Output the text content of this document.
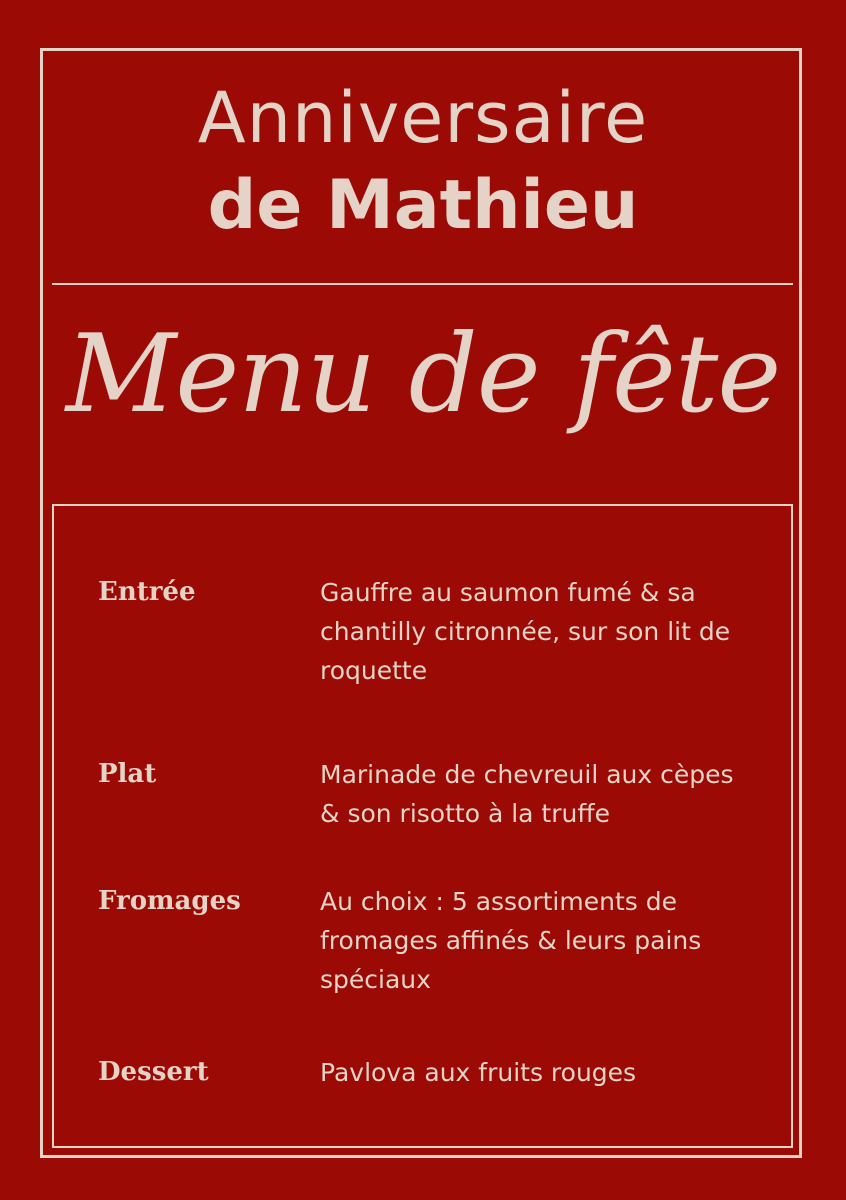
Anniversaire
de Mathieu
Menu de fête
Entrée	Gauffre au saumon fumé & sa chantilly citronnée, sur son lit de roquette
Plat	Marinade de chevreuil aux cèpes & son risotto à la truffe
Fromages	Au choix : 5 assortiments de fromages affinés & leurs pains spéciaux
Dessert	Pavlova aux fruits rouges
